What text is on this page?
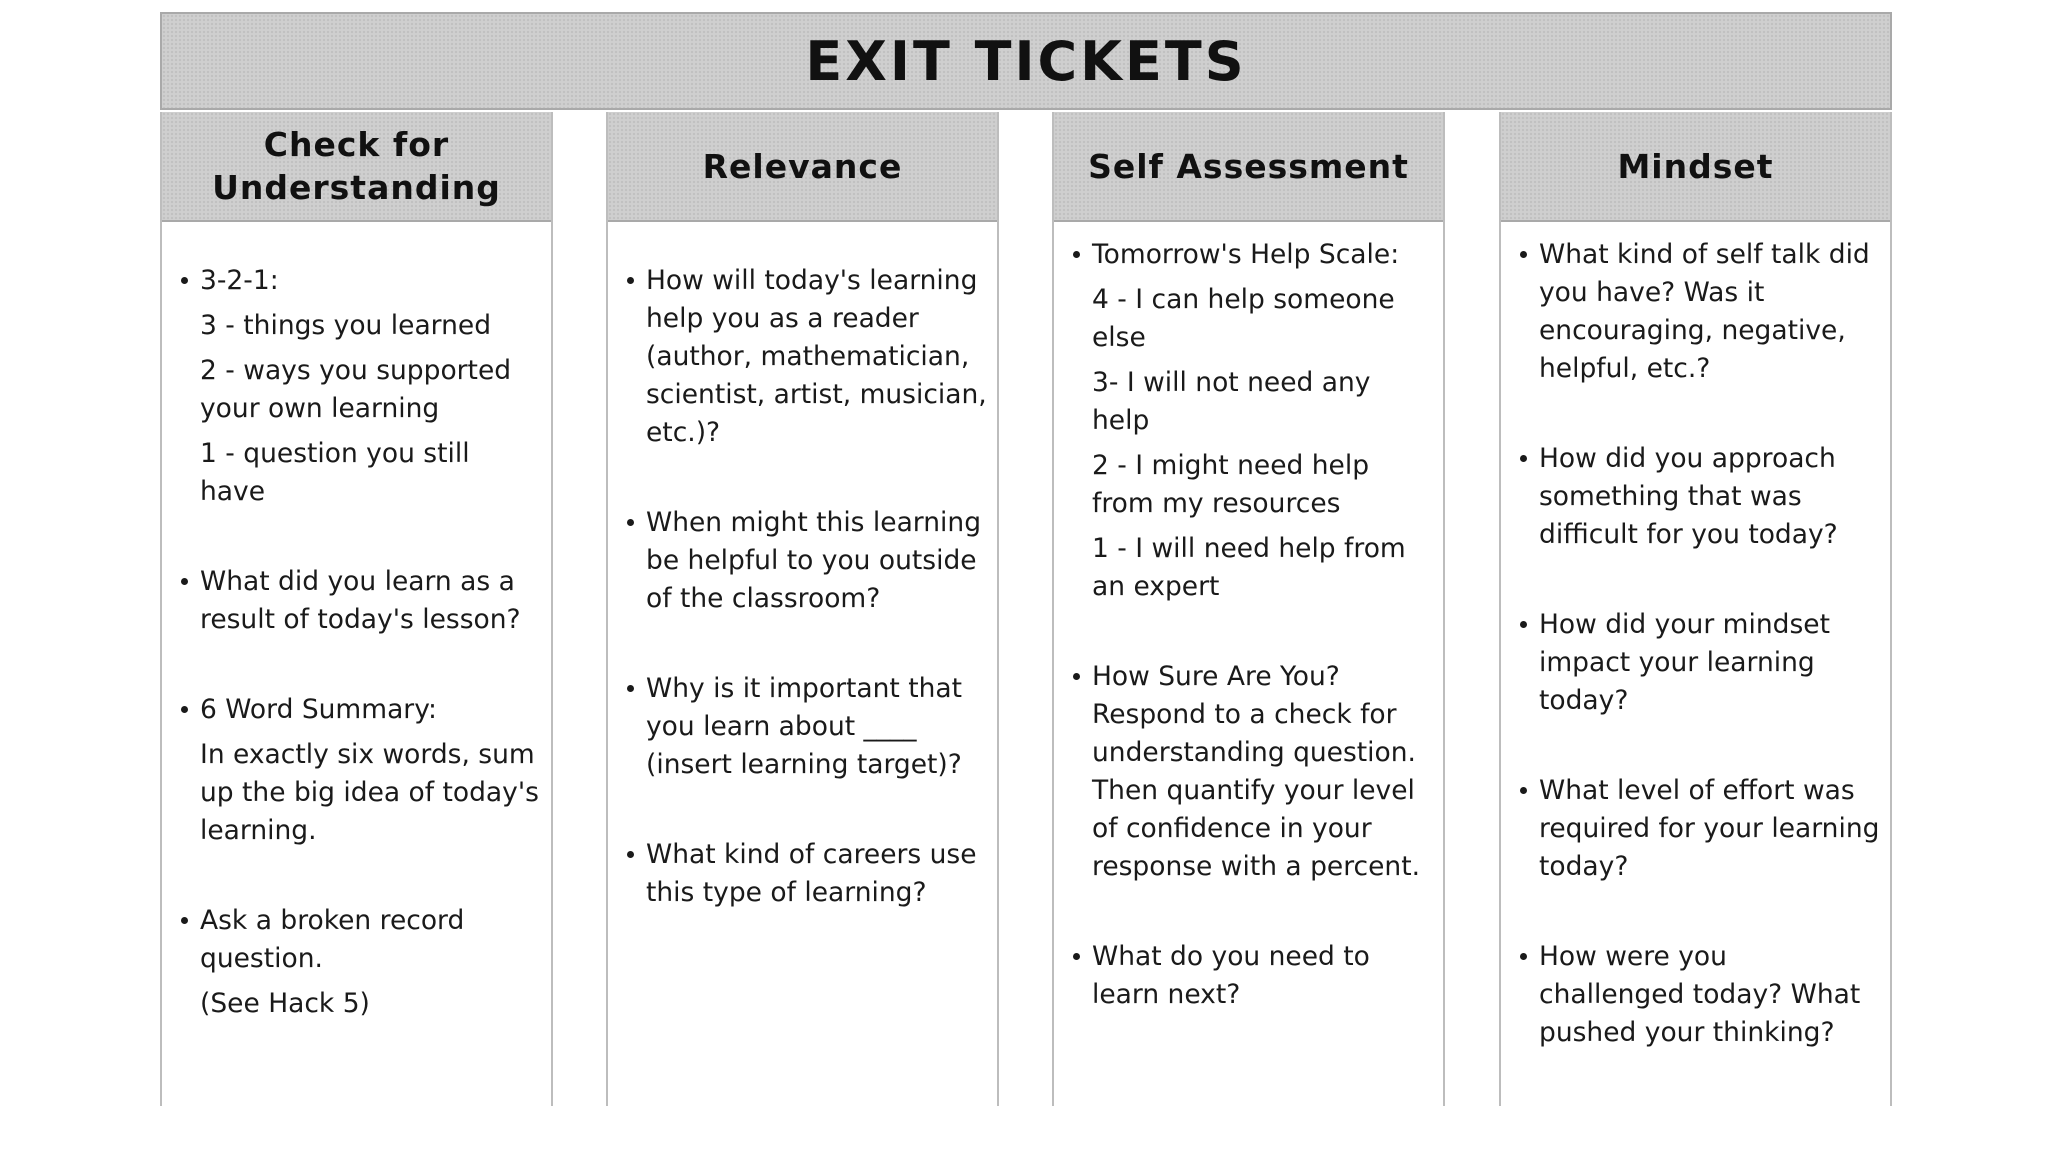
EXIT TICKETS
Check for
Understanding
3-2-1:
3 - things you learned
2 - ways you supported your own learning
1 - question you still have
What did you learn as a result of today's lesson?
6 Word Summary:
In exactly six words, sum up the big idea of today's learning.
Ask a broken record question.
(See Hack 5)
Relevance
How will today's learning help you as a reader (author, mathematician, scientist, artist, musician, etc.)?
When might this learning be helpful to you outside of the classroom?
Why is it important that you learn about ____ (insert learning target)?
What kind of careers use this type of learning?
Self Assessment
Tomorrow's Help Scale:
4 - I can help someone else
3- I will not need any help
2 - I might need help from my resources
1 - I will need help from an expert
How Sure Are You? Respond to a check for understanding question. Then quantify your level of confidence in your response with a percent.
What do you need to learn next?
Mindset
What kind of self talk did you have? Was it encouraging, negative, helpful, etc.?
How did you approach something that was difficult for you today?
How did your mindset impact your learning today?
What level of effort was required for your learning today?
How were you challenged today? What pushed your thinking?
